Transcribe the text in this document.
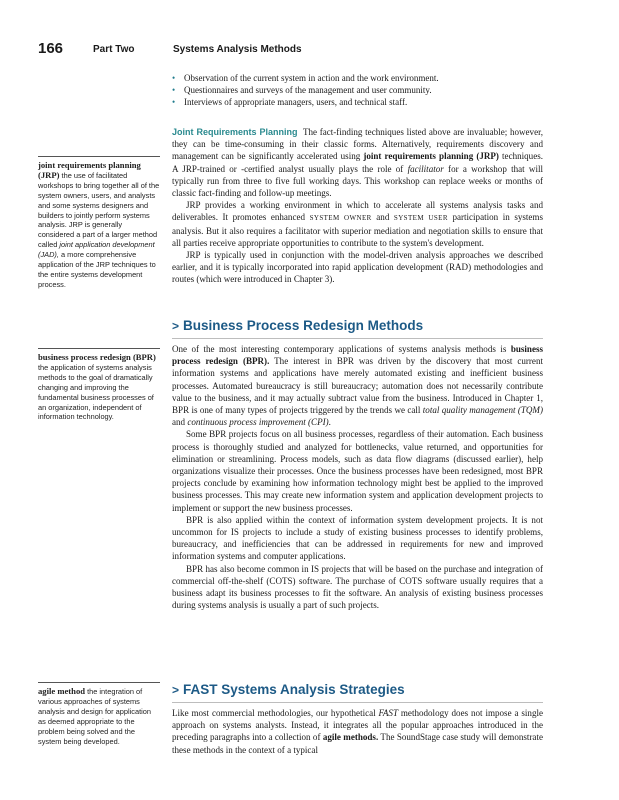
166	Part Two	Systems Analysis Methods
• Observation of the current system in action and the work environment.
• Questionnaires and surveys of the management and user community.
• Interviews of appropriate managers, users, and technical staff.

Joint Requirements Planning The fact-finding techniques listed above are invaluable; however, they can be time-consuming in their classic forms. Alternatively, requirements discovery and management can be significantly accelerated using joint requirements planning (JRP) techniques. A JRP-trained or -certified analyst usually plays the role of facilitator for a workshop that will typically run from three to five full working days. This workshop can replace weeks or months of classic fact-finding and follow-up meetings.

JRP provides a working environment in which to accelerate all systems analysis tasks and deliverables. It promotes enhanced SYSTEM OWNER and SYSTEM USER participation in systems analysis. But it also requires a facilitator with superior mediation and negotiation skills to ensure that all parties receive appropriate opportunities to contribute to the system's development.

JRP is typically used in conjunction with the model-driven analysis approaches we described earlier, and it is typically incorporated into rapid application development (RAD) methodologies and routes (which were introduced in Chapter 3).

> Business Process Redesign Methods

One of the most interesting contemporary applications of systems analysis methods is business process redesign (BPR). The interest in BPR was driven by the discovery that most current information systems and applications have merely automated existing and inefficient business processes. Automated bureaucracy is still bureaucracy; automation does not necessarily contribute value to the business, and it may actually subtract value from the business. Introduced in Chapter 1, BPR is one of many types of projects triggered by the trends we call total quality management (TQM) and continuous process improvement (CPI).

Some BPR projects focus on all business processes, regardless of their automation. Each business process is thoroughly studied and analyzed for bottlenecks, value returned, and opportunities for elimination or streamlining. Process models, such as data flow diagrams (discussed earlier), help organizations visualize their processes. Once the business processes have been redesigned, most BPR projects conclude by examining how information technology might best be applied to the improved business processes. This may create new information system and application development projects to implement or support the new business processes.

BPR is also applied within the context of information system development projects. It is not uncommon for IS projects to include a study of existing business processes to identify problems, bureaucracy, and inefficiencies that can be addressed in requirements for new and improved information systems and computer applications.

BPR has also become common in IS projects that will be based on the purchase and integration of commercial off-the-shelf (COTS) software. The purchase of COTS software usually requires that a business adapt its business processes to fit the software. An analysis of existing business processes during systems analysis is usually a part of such projects.

> FAST Systems Analysis Strategies

Like most commercial methodologies, our hypothetical FAST methodology does not impose a single approach on systems analysts. Instead, it integrates all the popular approaches introduced in the preceding paragraphs into a collection of agile methods. The SoundStage case study will demonstrate these methods in the context of a typical

joint requirements planning (JRP) the use of facilitated workshops to bring together all of the system owners, users, and analysts and some systems designers and builders to jointly perform systems analysis. JRP is generally considered a part of a larger method called joint application development (JAD), a more comprehensive application of the JRP techniques to the entire systems development process.
business process redesign (BPR) the application of systems analysis methods to the goal of dramatically changing and improving the fundamental business processes of an organization, independent of information technology.
agile method the integration of various approaches of systems analysis and design for application as deemed appropriate to the problem being solved and the system being developed.
